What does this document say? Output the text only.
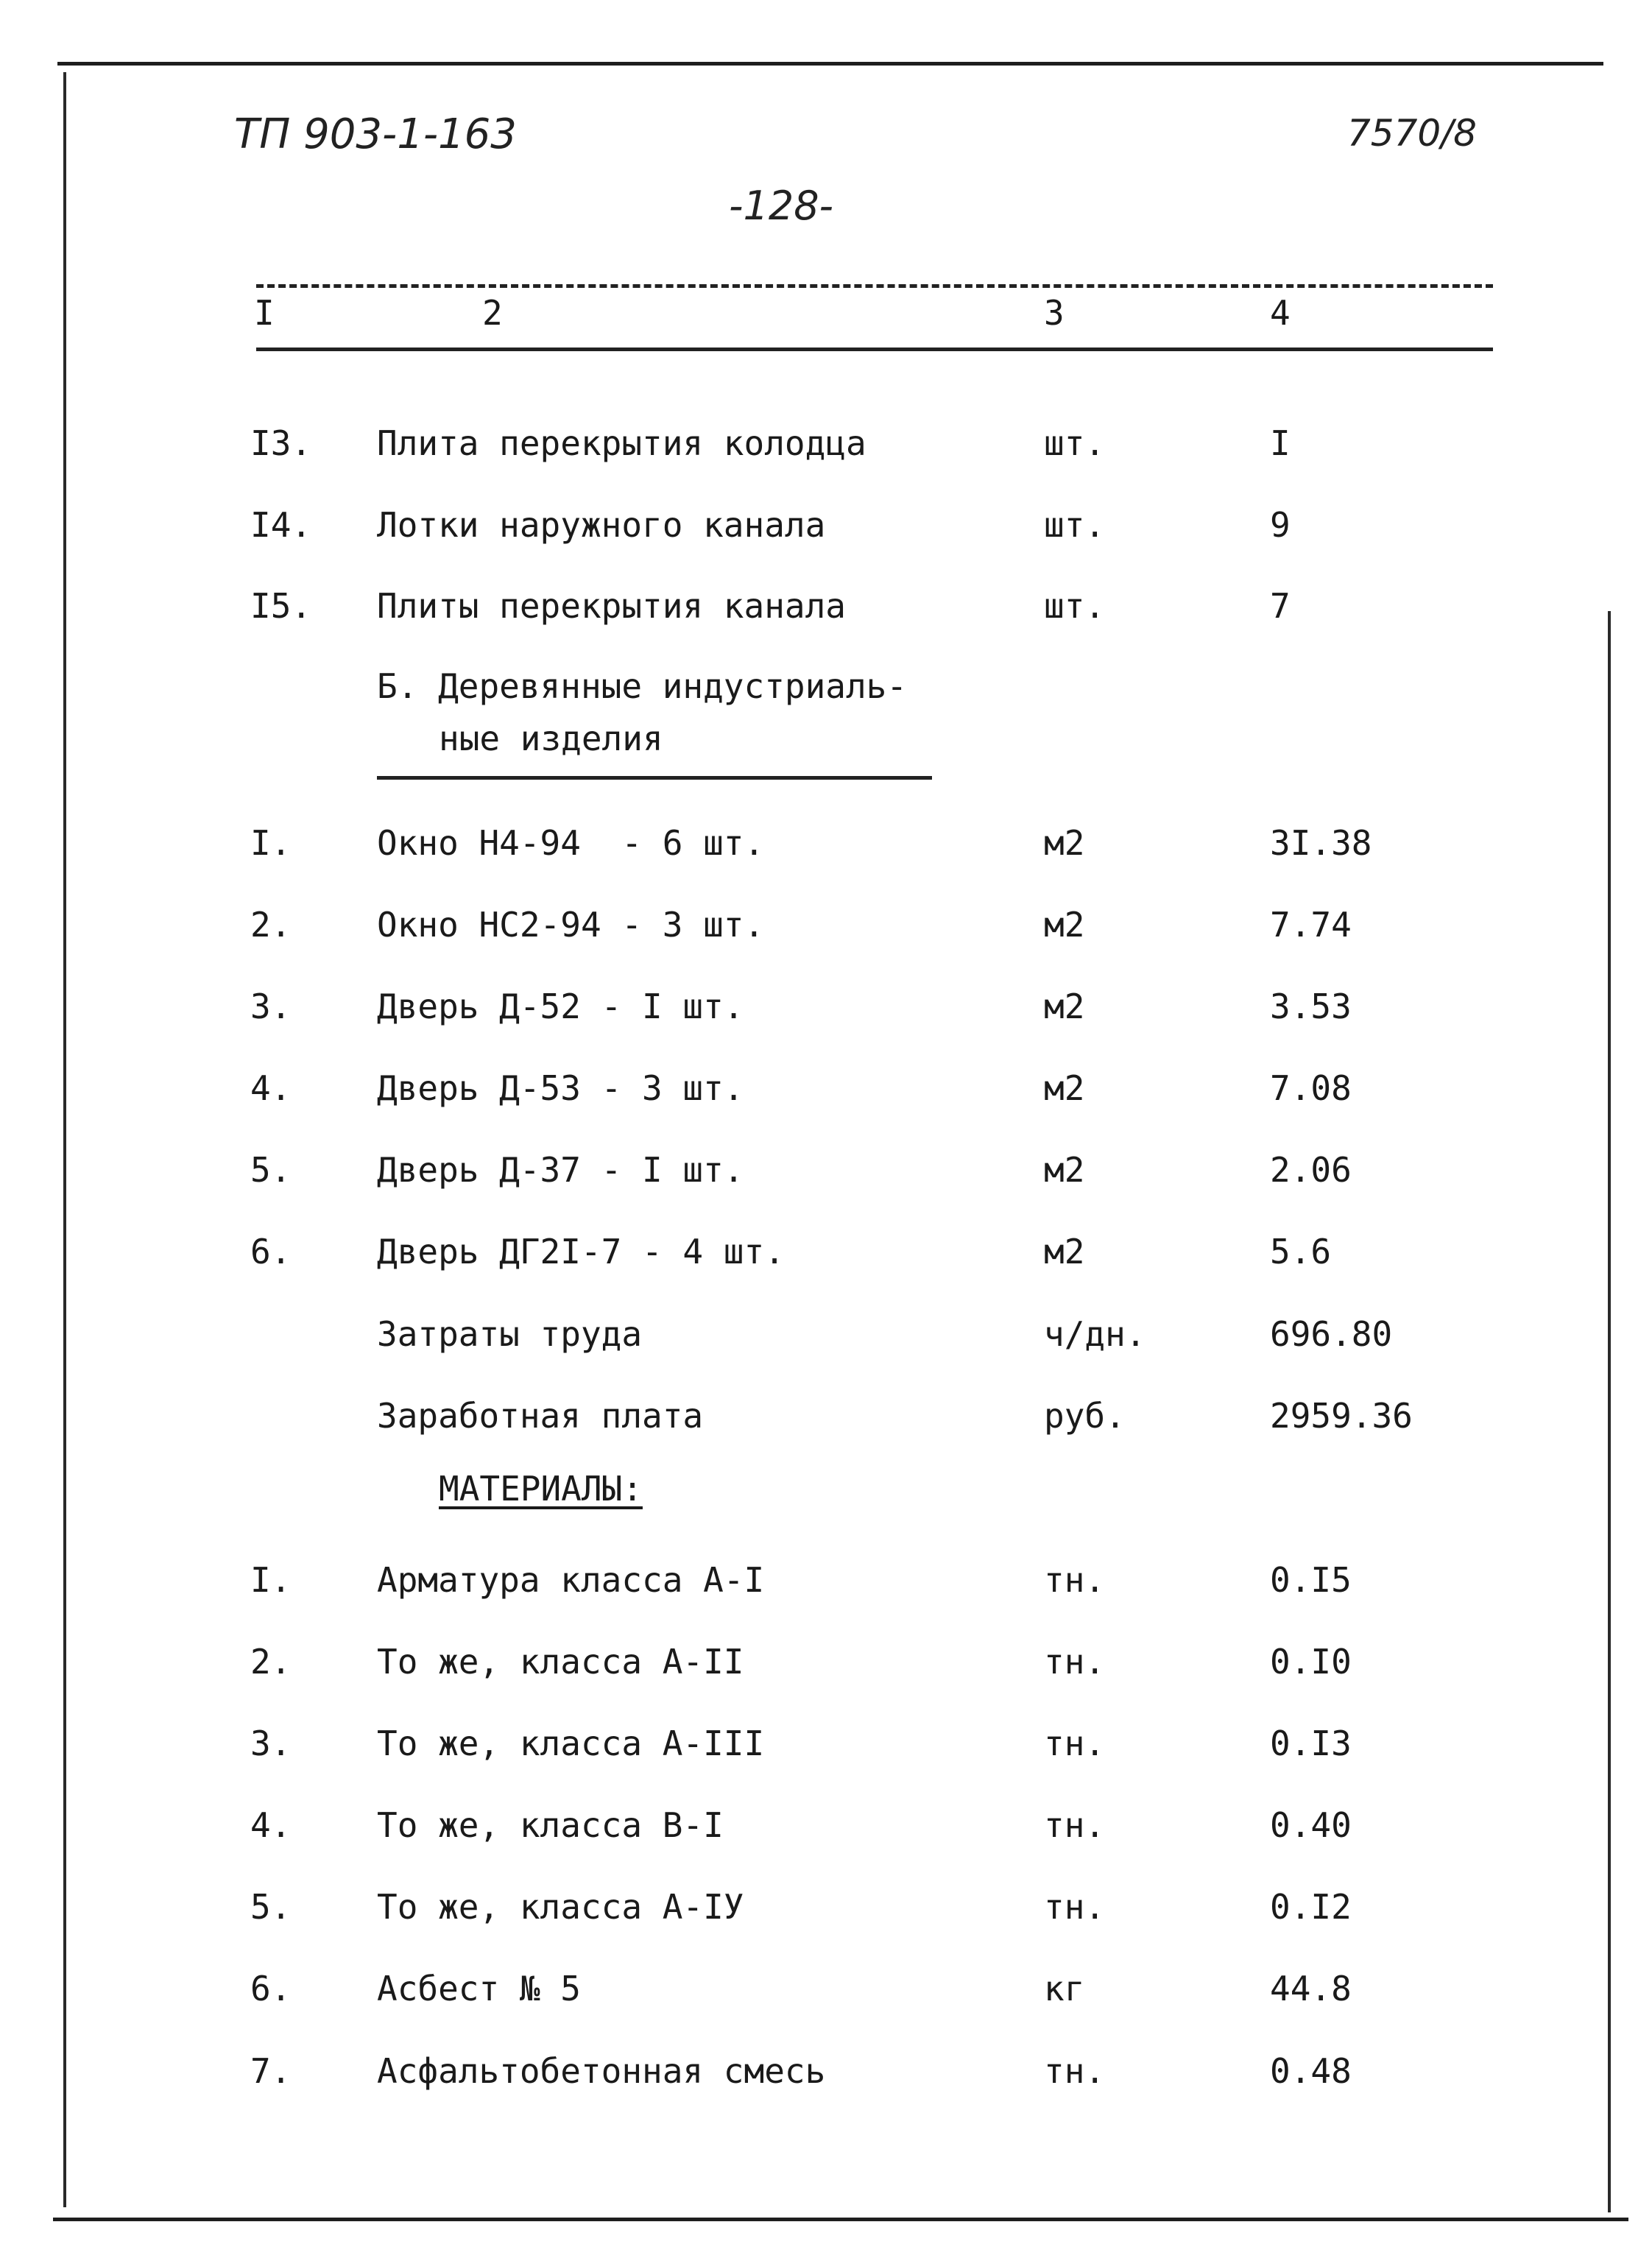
ТП 903-1-163	7570/8
-128-
I	2	3	4
I3. Плита перекрытия колодца	шт.	I
I4. Лотки наружного канала	шт.	9
I5. Плиты перекрытия канала	шт.	7
Б. Деревянные индустриаль-
ные изделия
I.	Окно Н4-94  - 6 шт.	м2	3I.38
2.	Окно НС2-94 - 3 шт.	м2	7.74
3.	Дверь Д-52 - I шт.	м2	3.53
4.	Дверь Д-53 - 3 шт.	м2	7.08
5.	Дверь Д-37 - I шт.	м2	2.06
6.	Дверь ДГ2I-7 - 4 шт.	м2	5.6
Затраты труда	ч/дн.	696.80
Заработная плата	руб.	2959.36
МАТЕРИАЛЫ:
I.	Арматура класса А-I	тн.	0.I5
2.	То же, класса А-II	тн.	0.I0
3.	То же, класса А-III	тн.	0.I3
4.	То же, класса В-I	тн.	0.40
5.	То же, класса А-IУ	тн.	0.I2
6.	Асбест № 5	кг	44.8
7.	Асфальтобетонная смесь	тн.	0.48
